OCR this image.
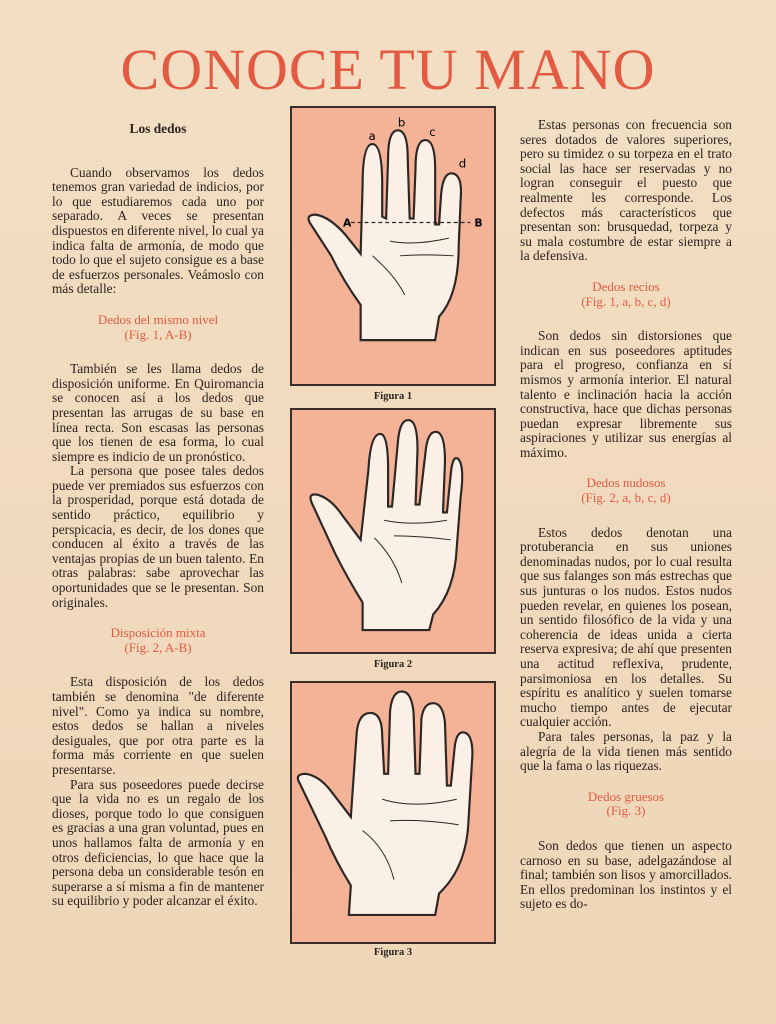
CONOCE TU MANO
Los dedos

Cuando observamos los dedos tenemos gran variedad de indicios, por lo que estudiaremos cada uno por separado. A veces se presentan dispuestos en diferente nivel, lo cual ya indica falta de armonía, de modo que todo lo que el sujeto consigue es a base de esfuerzos personales. Veámoslo con más detalle:

Dedos del mismo nivel
(Fig. 1, A-B)

También se les llama dedos de disposición uniforme. En Quiromancia se conocen así a los dedos que presentan las arrugas de su base en línea recta. Son escasas las personas que los tienen de esa forma, lo cual siempre es indicio de un pronóstico.

La persona que posee tales dedos puede ver premiados sus esfuerzos con la prosperidad, porque está dotada de sentido práctico, equilibrio y perspicacia, es decir, de los dones que conducen al éxito a través de las ventajas propias de un buen talento. En otras palabras: sabe aprovechar las oportunidades que se le presentan. Son originales.

Disposición mixta
(Fig. 2, A-B)

Esta disposición de los dedos también se denomina "de diferente nivel". Como ya indica su nombre, estos dedos se hallan a niveles desiguales, que por otra parte es la forma más corriente en que suelen presentarse.

Para sus poseedores puede decirse que la vida no es un regalo de los dioses, porque todo lo que consiguen es gracias a una gran voluntad, pues en unos hallamos falta de armonía y en otros deficiencias, lo que hace que la persona deba un considerable tesón en superarse a sí misma a fin de mantener su equilibrio y poder alcanzar el éxito.

A	B
a
b
c
d
Figura 1
Figura 2
Figura 3

Estas personas con frecuencia son seres dotados de valores superiores, pero su timidez o su torpeza en el trato social las hace ser reservadas y no logran conseguir el puesto que realmente les corresponde. Los defectos más característicos que presentan son: brusquedad, torpeza y su mala costumbre de estar siempre a la defensiva.

Dedos recios
(Fig. 1, a, b, c, d)

Son dedos sin distorsiones que indican en sus poseedores aptitudes para el progreso, confianza en sí mismos y armonía interior. El natural talento e inclinación hacia la acción constructiva, hace que dichas personas puedan expresar libremente sus aspiraciones y utilizar sus energías al máximo.

Dedos nudosos
(Fig. 2, a, b, c, d)

Estos dedos denotan una protuberancia en sus uniones denominadas nudos, por lo cual resulta que sus falanges son más estrechas que sus junturas o los nudos. Estos nudos pueden revelar, en quienes los posean, un sentido filosófico de la vida y una coherencia de ideas unida a cierta reserva expresiva; de ahí que presenten una actitud reflexiva, prudente, parsimoniosa en los detalles. Su espíritu es analítico y suelen tomarse mucho tiempo antes de ejecutar cualquier acción.

Para tales personas, la paz y la alegría de la vida tienen más sentido que la fama o las riquezas.

Dedos gruesos
(Fig. 3)

Son dedos que tienen un aspecto carnoso en su base, adelgazándose al final; también son lisos y amorcillados. En ellos predominan los instintos y el sujeto es do-
